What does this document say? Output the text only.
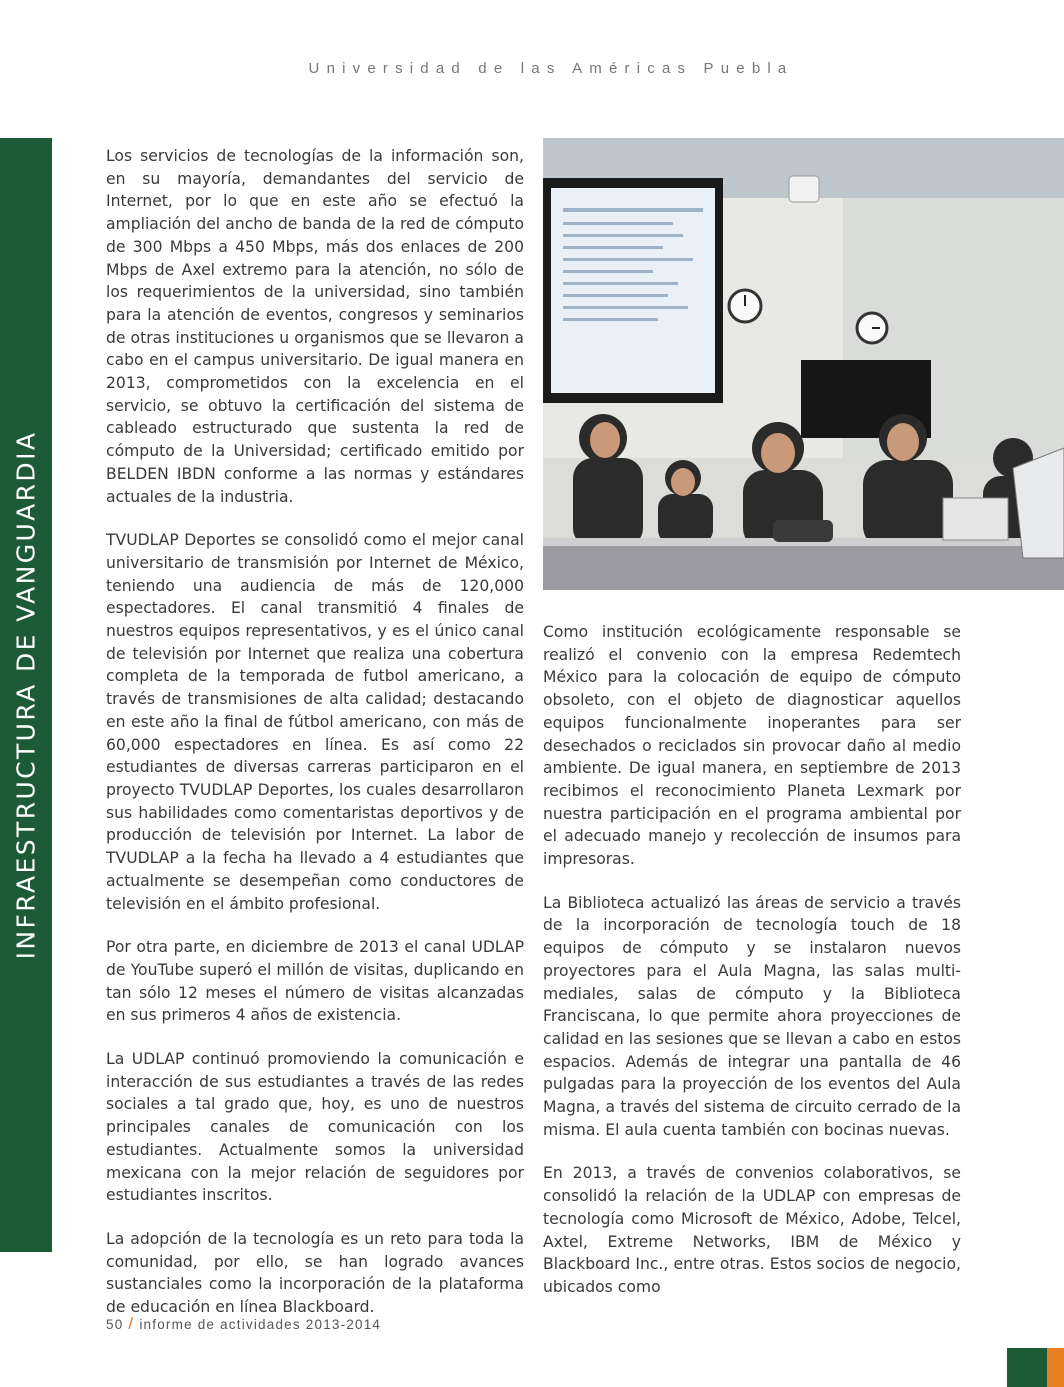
Universidad de las Américas Puebla
INFRAESTRUCTURA DE VANGUARDIA

Los servicios de tecnologías de la información son, en su mayoría, demandantes del servicio de Internet, por lo que en este año se efectuó la ampliación del ancho de banda de la red de cómputo de 300 Mbps a 450 Mbps, más dos enlaces de 200 Mbps de Axel extremo para la atención, no sólo de los requerimientos de la universidad, sino también para la atención de eventos, congresos y seminarios de otras instituciones u organismos que se llevaron a cabo en el campus universitario. De igual manera en 2013, comprometidos con la excelencia en el servicio, se obtuvo la certificación del sistema de cableado estructurado que sustenta la red de cómputo de la Universidad; certificado emitido por BELDEN IBDN conforme a las normas y estándares actuales de la industria.

TVUDLAP Deportes se consolidó como el mejor canal universitario de transmisión por Internet de México, teniendo una audiencia de más de 120,000 espectadores. El canal transmitió 4 finales de nuestros equipos representativos, y es el único canal de televisión por Internet que realiza una cobertura completa de la temporada de futbol americano, a través de transmisiones de alta calidad; destacando en este año la final de fútbol americano, con más de 60,000 espectadores en línea. Es así como 22 estudiantes de diversas carreras participaron en el proyecto TVUDLAP Deportes, los cuales desarrollaron sus habilidades como comentaristas deportivos y de producción de televisión por Internet. La labor de TVUDLAP a la fecha ha llevado a 4 estudiantes que actualmente se desempeñan como conductores de televisión en el ámbito profesional.

Por otra parte, en diciembre de 2013 el canal UDLAP de YouTube superó el millón de visitas, duplicando en tan sólo 12 meses el número de visitas alcanzadas en sus primeros 4 años de existencia.

La UDLAP continuó promoviendo la comunicación e interacción de sus estudiantes a través de las redes sociales a tal grado que, hoy, es uno de nuestros principales canales de comunicación con los estudiantes. Actualmente somos la universidad mexicana con la mejor relación de seguidores por estudiantes inscritos.

La adopción de la tecnología es un reto para toda la comunidad, por ello, se han logrado avances sustanciales como la incorporación de la plataforma de educación en línea Blackboard.

Como institución ecológicamente responsable se realizó el convenio con la empresa Redemtech México para la colocación de equipo de cómputo obsoleto, con el objeto de diagnosticar aquellos equipos funcionalmente inoperantes para ser desechados o reciclados sin provocar daño al medio ambiente. De igual manera, en septiembre de 2013 recibimos el reconocimiento Planeta Lexmark por nuestra participación en el programa ambiental por el adecuado manejo y recolección de insumos para impresoras.

La Biblioteca actualizó las áreas de servicio a través de la incorporación de tecnología touch de 18 equipos de cómputo y se instalaron nuevos proyectores para el Aula Magna, las salas multi-mediales, salas de cómputo y la Biblioteca Franciscana, lo que permite ahora proyecciones de calidad en las sesiones que se llevan a cabo en estos espacios. Además de integrar una pantalla de 46 pulgadas para la proyección de los eventos del Aula Magna, a través del sistema de circuito cerrado de la misma. El aula cuenta también con bocinas nuevas.

En 2013, a través de convenios colaborativos, se consolidó la relación de la UDLAP con empresas de tecnología como Microsoft de México, Adobe, Telcel, Axtel, Extreme Networks, IBM de México y Blackboard Inc., entre otras. Estos socios de negocio, ubicados como

50 / informe de actividades 2013-2014
